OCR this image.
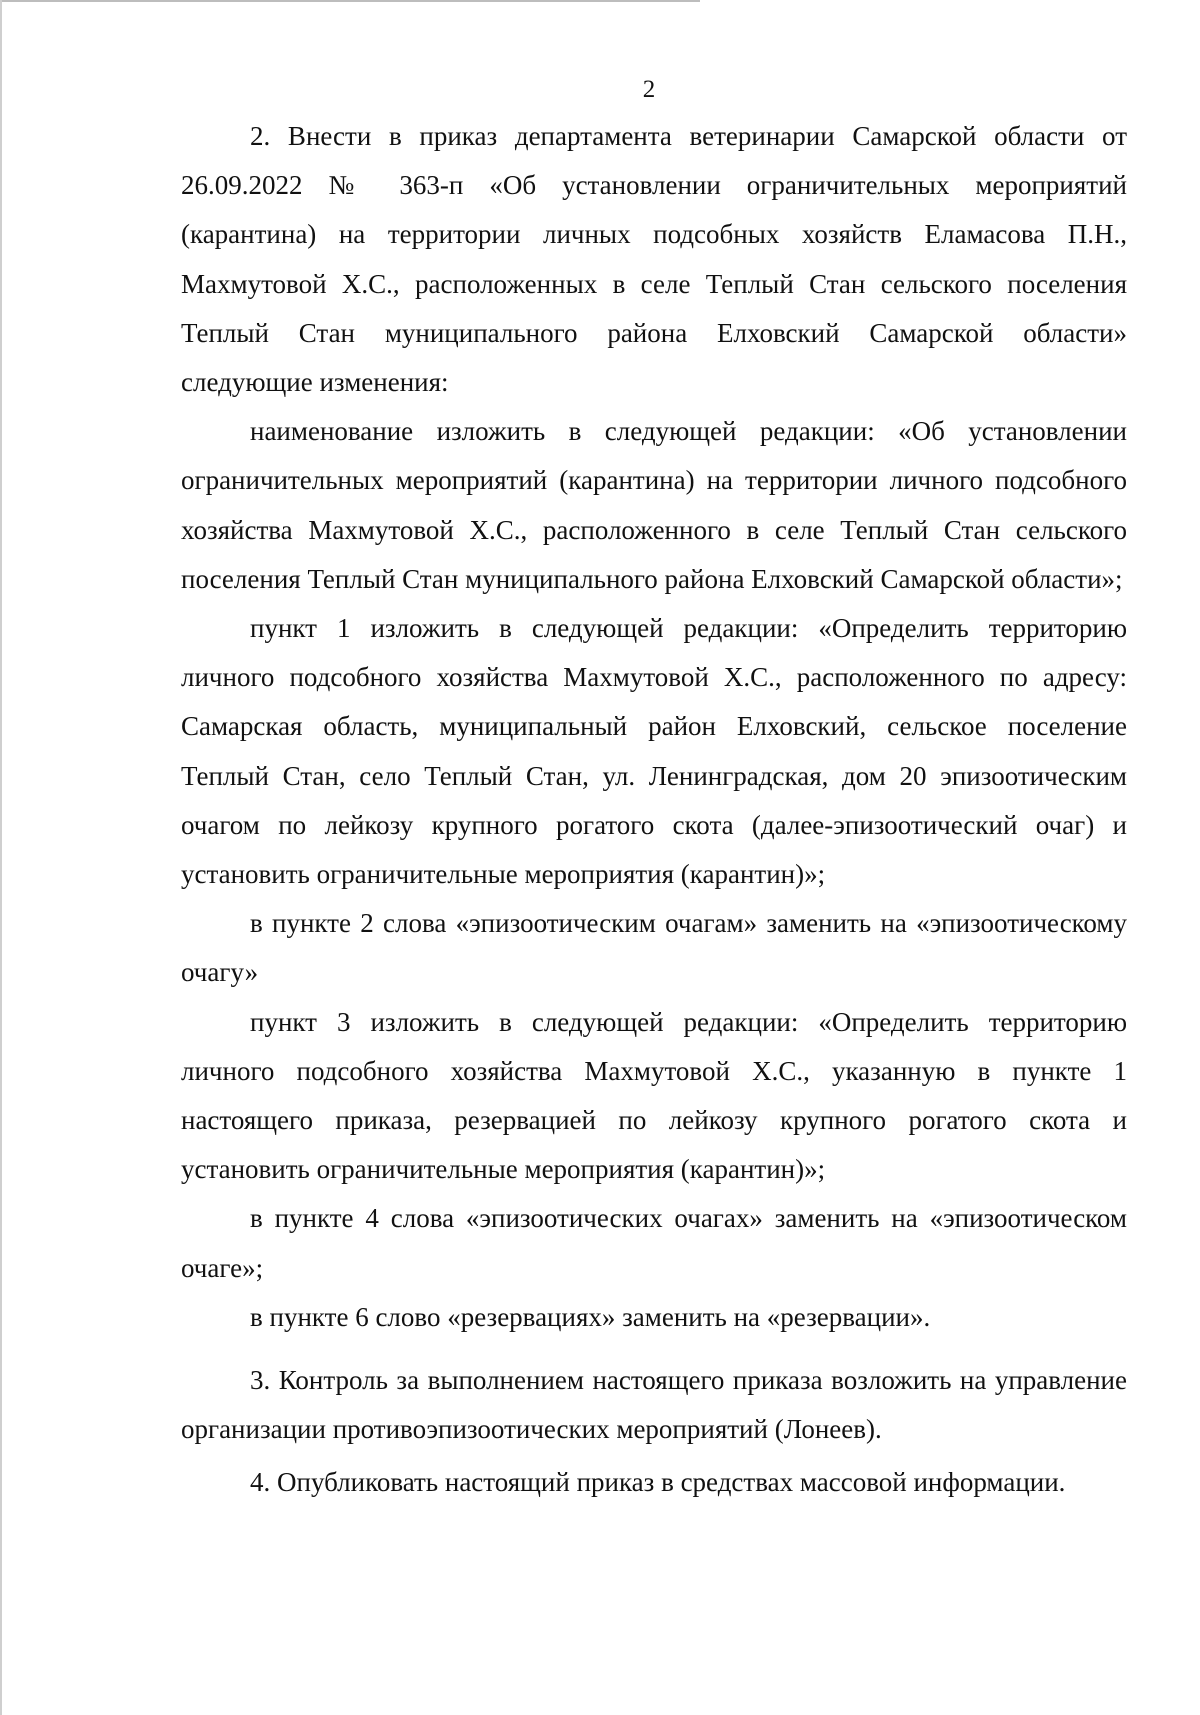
2

2. Внести в приказ департамента ветеринарии Самарской области от 26.09.2022 № 363-п «Об установлении ограничительных мероприятий (карантина) на территории личных подсобных хозяйств Еламасова П.Н., Махмутовой Х.С., расположенных в селе Теплый Стан сельского поселения Теплый Стан муниципального района Елховский Самарской области» следующие изменения:

наименование изложить в следующей редакции: «Об установлении ограничительных мероприятий (карантина) на территории личного подсобного хозяйства Махмутовой Х.С., расположенного в селе Теплый Стан сельского поселения Теплый Стан муниципального района Елховский Самарской области»;

пункт 1 изложить в следующей редакции: «Определить территорию личного подсобного хозяйства Махмутовой Х.С., расположенного по адресу: Самарская область, муниципальный район Елховский, сельское поселение Теплый Стан, село Теплый Стан, ул. Ленинградская, дом 20 эпизоотическим очагом по лейкозу крупного рогатого скота (далее-эпизоотический очаг) и установить ограничительные мероприятия (карантин)»;

в пункте 2 слова «эпизоотическим очагам» заменить на «эпизоотическому очагу»

пункт 3 изложить в следующей редакции: «Определить территорию личного подсобного хозяйства Махмутовой Х.С., указанную в пункте 1 настоящего приказа, резервацией по лейкозу крупного рогатого скота и установить ограничительные мероприятия (карантин)»;

в пункте 4 слова «эпизоотических очагах» заменить на «эпизоотическом очаге»;

в пункте 6 слово «резервациях» заменить на «резервации».

3. Контроль за выполнением настоящего приказа возложить на управление организации противоэпизоотических мероприятий (Лонеев).

4. Опубликовать настоящий приказ в средствах массовой информации.
